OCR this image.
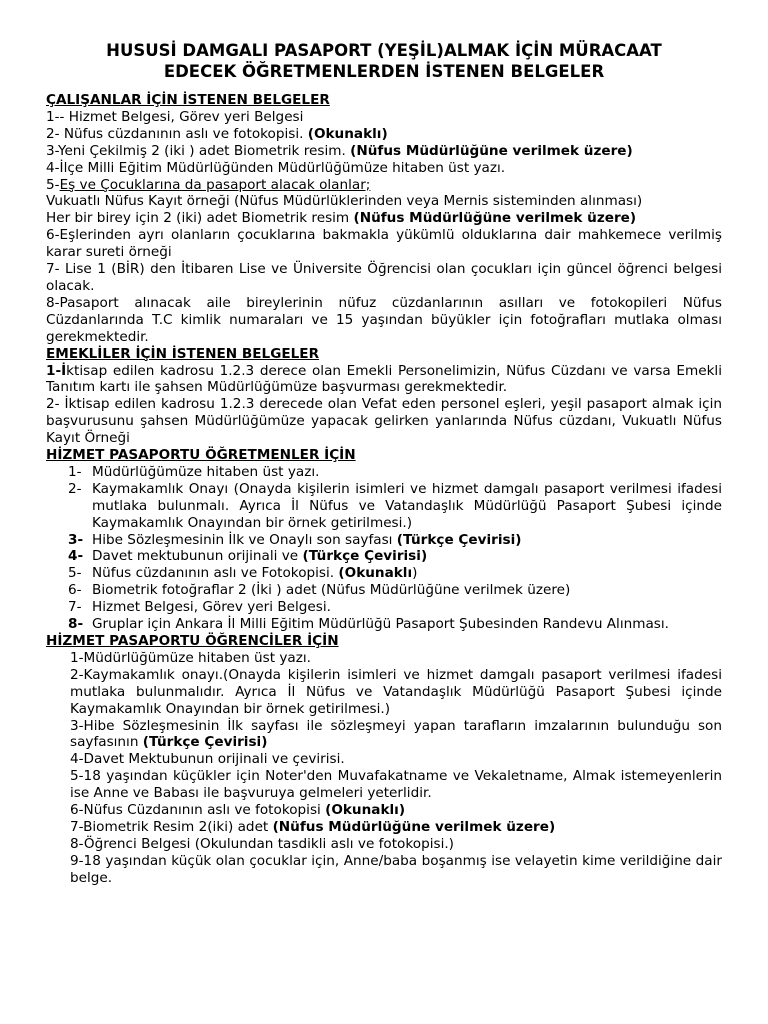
HUSUSİ DAMGALI PASAPORT (YEŞİL)ALMAK İÇİN MÜRACAAT
EDECEK ÖĞRETMENLERDEN İSTENEN BELGELER

ÇALIŞANLAR İÇİN İSTENEN BELGELER

1-- Hizmet Belgesi, Görev yeri Belgesi

2- Nüfus cüzdanının aslı ve fotokopisi. (Okunaklı)

3-Yeni Çekilmiş 2 (iki ) adet Biometrik resim. (Nüfus Müdürlüğüne verilmek üzere)

4-İlçe Milli Eğitim Müdürlüğünden Müdürlüğümüze hitaben üst yazı.

5-Eş ve Çocuklarına da pasaport alacak olanlar;

Vukuatlı Nüfus Kayıt örneği (Nüfus Müdürlüklerinden veya Mernis sisteminden alınması)

Her bir birey için 2 (iki) adet Biometrik resim (Nüfus Müdürlüğüne verilmek üzere)

6-Eşlerinden ayrı olanların çocuklarına bakmakla yükümlü olduklarına dair mahkemece verilmiş karar sureti örneği

7- Lise 1 (BİR) den İtibaren Lise ve Üniversite Öğrencisi olan çocukları için güncel öğrenci belgesi olacak.

8-Pasaport alınacak aile bireylerinin nüfuz cüzdanlarının asılları ve fotokopileri Nüfus Cüzdanlarında T.C kimlik numaraları ve 15 yaşından büyükler için fotoğrafları mutlaka olması gerekmektedir.

EMEKLİLER İÇİN İSTENEN BELGELER

1-İktisap edilen kadrosu 1.2.3 derece olan Emekli Personelimizin, Nüfus Cüzdanı ve varsa Emekli Tanıtım kartı ile şahsen Müdürlüğümüze başvurması gerekmektedir.

2- İktisap edilen kadrosu 1.2.3 derecede olan Vefat eden personel eşleri, yeşil pasaport almak için başvurusunu şahsen Müdürlüğümüze yapacak gelirken yanlarında Nüfus cüzdanı, Vukuatlı Nüfus Kayıt Örneği

HİZMET PASAPORTU ÖĞRETMENLER İÇİN

1- Müdürlüğümüze hitaben üst yazı.
2- Kaymakamlık Onayı (Onayda kişilerin isimleri ve hizmet damgalı pasaport verilmesi ifadesi mutlaka bulunmalı. Ayrıca İl Nüfus ve Vatandaşlık Müdürlüğü Pasaport Şubesi içinde Kaymakamlık Onayından bir örnek getirilmesi.)
3- Hibe Sözleşmesinin İlk ve Onaylı son sayfası (Türkçe Çevirisi)
4- Davet mektubunun orijinali ve (Türkçe Çevirisi)
5- Nüfus cüzdanının aslı ve Fotokopisi. (Okunaklı)
6- Biometrik fotoğraflar 2 (İki ) adet (Nüfus Müdürlüğüne verilmek üzere)
7- Hizmet Belgesi, Görev yeri Belgesi.
8- Gruplar için Ankara İl Milli Eğitim Müdürlüğü Pasaport Şubesinden Randevu Alınması.

HİZMET PASAPORTU ÖĞRENCİLER İÇİN

1-Müdürlüğümüze hitaben üst yazı.

2-Kaymakamlık onayı.(Onayda kişilerin isimleri ve hizmet damgalı pasaport verilmesi ifadesi mutlaka bulunmalıdır. Ayrıca İl Nüfus ve Vatandaşlık Müdürlüğü Pasaport Şubesi içinde Kaymakamlık Onayından bir örnek getirilmesi.)

3-Hibe Sözleşmesinin İlk sayfası ile sözleşmeyi yapan tarafların imzalarının bulunduğu son sayfasının (Türkçe Çevirisi)

4-Davet Mektubunun orijinali ve çevirisi.

5-18 yaşından küçükler için Noter'den Muvafakatname ve Vekaletname, Almak istemeyenlerin ise Anne ve Babası ile başvuruya gelmeleri yeterlidir.

6-Nüfus Cüzdanının aslı ve fotokopisi (Okunaklı)

7-Biometrik Resim 2(iki) adet (Nüfus Müdürlüğüne verilmek üzere)

8-Öğrenci Belgesi (Okulundan tasdikli aslı ve fotokopisi.)

9-18 yaşından küçük olan çocuklar için, Anne/baba boşanmış ise velayetin kime verildiğine dair belge.
